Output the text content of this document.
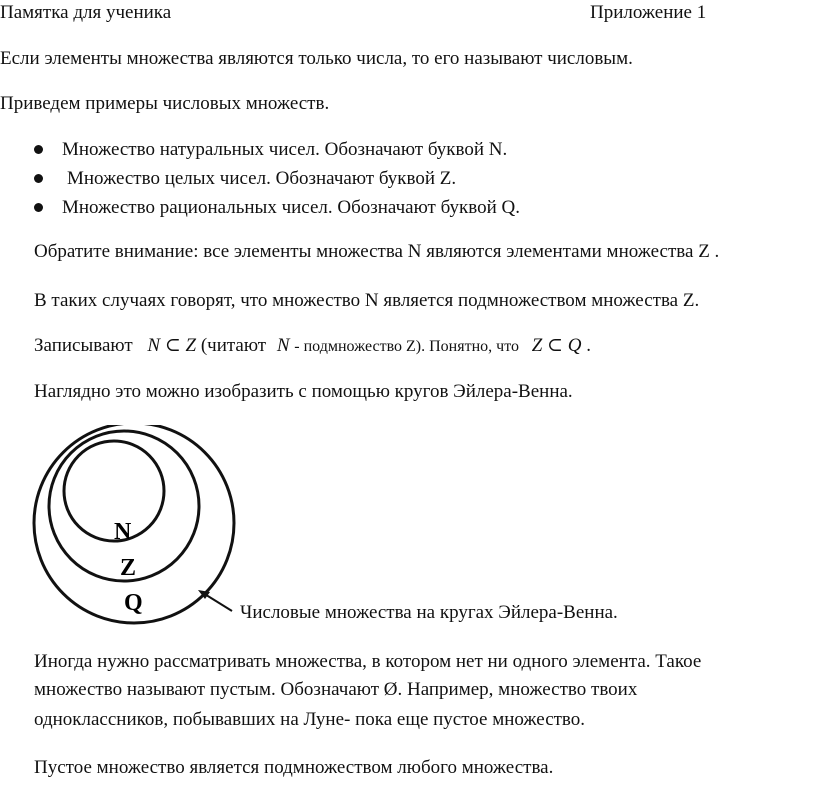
Памятка для ученика	Приложение 1
Если элементы множества являются только числа, то его называют числовым.
Приведем примеры числовых множеств.
Множество натуральных чисел. Обозначают буквой N.
Множество целых чисел. Обозначают буквой Z.
Множество рациональных чисел. Обозначают буквой Q.
Обратите внимание: все элементы множества N являются элементами множества Z .
В таких случаях говорят, что множество N является подмножеством множества Z.
Записывают N ⊂ Z (читают N - подмножество Z). Понятно, что Z ⊂ Q .
Наглядно это можно изобразить с помощью кругов Эйлера-Венна.
N
Z
Q	Числовые множества на кругах Эйлера-Венна.
Иногда нужно рассматривать множества, в котором нет ни одного элемента. Такое
множество называют пустым. Обозначают Ø. Например, множество твоих
одноклассников, побывавших на Луне- пока еще пустое множество.
Пустое множество является подмножеством любого множества.
